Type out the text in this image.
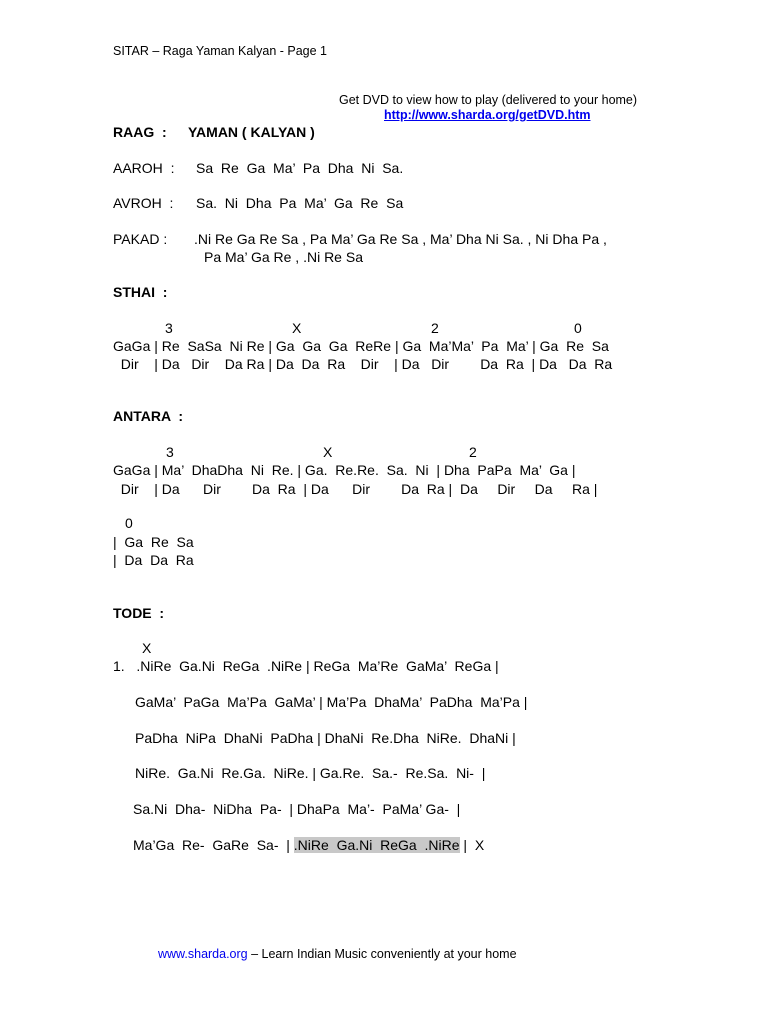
SITAR – Raga Yaman Kalyan - Page 1
Get DVD to view how to play (delivered to your home)
http://www.sharda.org/getDVD.htm
RAAG  : YAMAN ( KALYAN )
AAROH  : Sa  Re  Ga  Ma’  Pa  Dha  Ni  Sa.
AVROH  : Sa.  Ni  Dha  Pa  Ma’  Ga  Re  Sa
PAKAD : .Ni Re Ga Re Sa , Pa Ma’ Ga Re Sa , Ma’ Dha Ni Sa. , Ni Dha Pa ,
Pa Ma’ Ga Re , .Ni Re Sa
STHAI  :
3	X	2	0
GaGa | Re  SaSa  Ni Re | Ga  Ga  Ga  ReRe | Ga  Ma’Ma’  Pa  Ma’ | Ga  Re  Sa
Dir    | Da   Dir    Da Ra | Da  Da  Ra    Dir    | Da   Dir        Da  Ra  | Da   Da  Ra
ANTARA  :
3	X	2
GaGa | Ma’  DhaDha  Ni  Re. | Ga.  Re.Re.  Sa.  Ni  | Dha  PaPa  Ma’  Ga |
Dir    | Da      Dir        Da  Ra  | Da      Dir        Da  Ra |  Da     Dir     Da     Ra |
0
|  Ga  Re  Sa
|  Da  Da  Ra
TODE  :
X
1.   .NiRe  Ga.Ni  ReGa  .NiRe | ReGa  Ma’Re  GaMa’  ReGa |
GaMa’  PaGa  Ma’Pa  GaMa’ | Ma’Pa  DhaMa’  PaDha  Ma’Pa |
PaDha  NiPa  DhaNi  PaDha | DhaNi  Re.Dha  NiRe.  DhaNi |
NiRe.  Ga.Ni  Re.Ga.  NiRe. | Ga.Re.  Sa.-  Re.Sa.  Ni-  |
Sa.Ni  Dha-  NiDha  Pa-  | DhaPa  Ma’-  PaMa’ Ga-  |
Ma’Ga  Re-  GaRe  Sa-  | .NiRe  Ga.Ni  ReGa  .NiRe |  X
www.sharda.org – Learn Indian Music conveniently at your home
